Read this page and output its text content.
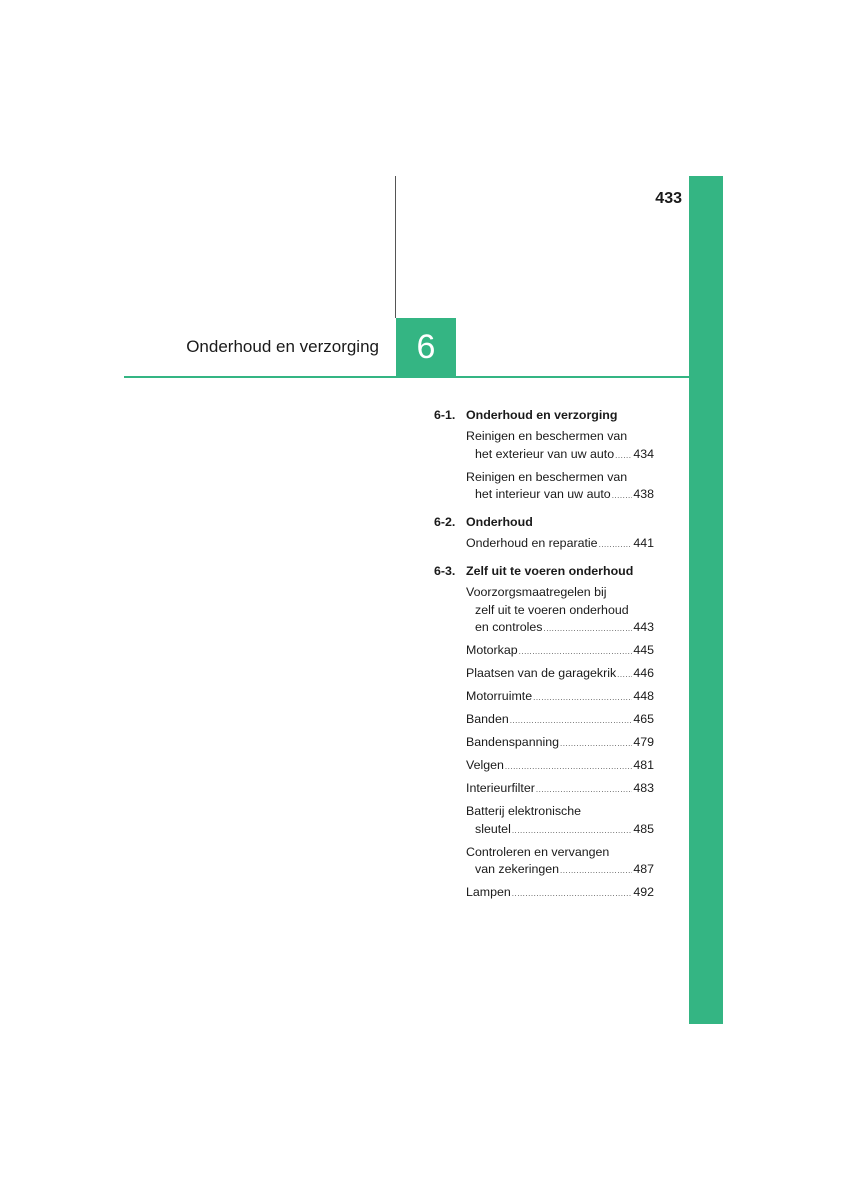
433
6
Onderhoud en verzorging
6-1. Onderhoud en verzorging
Reinigen en beschermen van
het exterieur van uw auto ..... 434
Reinigen en beschermen van
het interieur van uw auto ..... 438
6-2. Onderhoud
Onderhoud en reparatie .....	441
6-3. Zelf uit te voeren onderhoud
Voorzorgsmaatregelen bij
zelf uit te voeren onderhoud
en controles .....	443
Motorkap .....	445
Plaatsen van de garagekrik ..... 446
Motorruimte .....	448
Banden .....	465
Bandenspanning .....	479
Velgen .....	481
Interieurfilter .....	483
Batterij elektronische
sleutel .....	485
Controleren en vervangen
van zekeringen .....	487
Lampen .....	492
